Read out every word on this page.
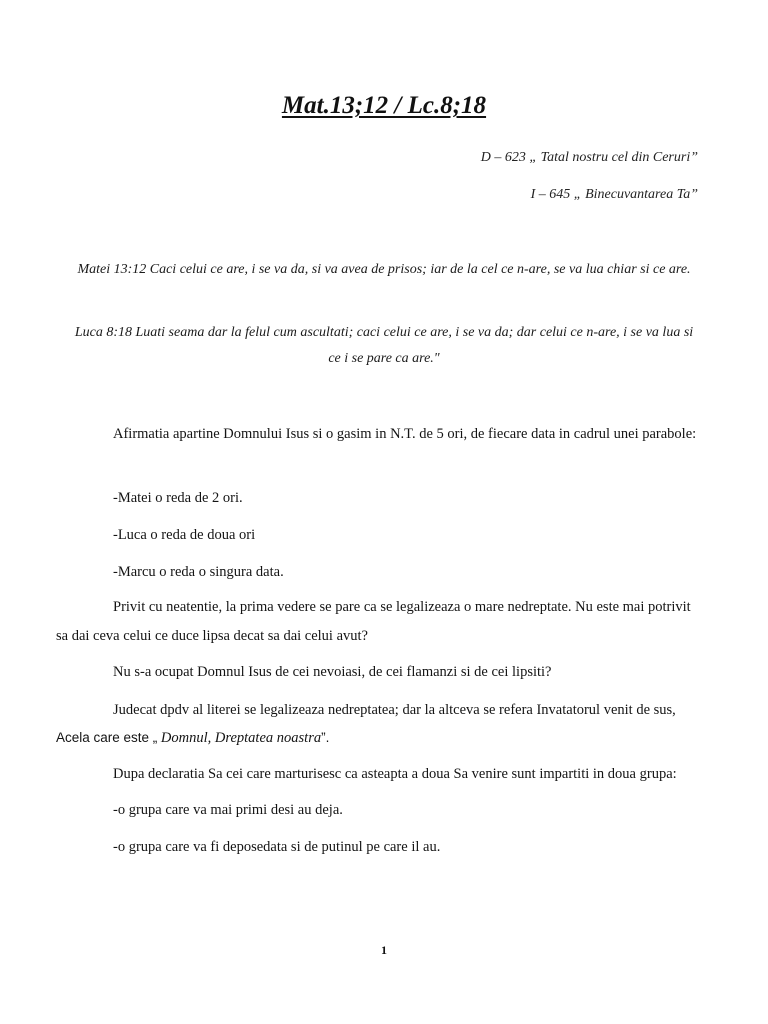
Mat.13;12 / Lc.8;18
D – 623 „ Tatal nostru cel din Ceruri”
I – 645 „ Binecuvantarea Ta”
Matei 13:12 Caci celui ce are, i se va da, si va avea de prisos; iar de la cel ce n-are, se va lua chiar si ce are.
Luca 8:18 Luati seama dar la felul cum ascultati; caci celui ce are, i se va da; dar celui ce n-are, i se va lua si ce i se pare ca are."
Afirmatia apartine Domnului Isus si o gasim in N.T. de 5 ori, de fiecare data in cadrul unei parabole:
-Matei o reda de 2 ori.
-Luca o reda de doua ori
-Marcu o reda o singura data.
Privit cu neatentie, la prima vedere se pare ca se legalizeaza o mare nedreptate. Nu este mai potrivit sa dai ceva celui ce duce lipsa decat sa dai celui avut?
Nu s-a ocupat Domnul Isus de cei nevoiasi, de cei flamanzi si de cei lipsiti?
Judecat dpdv al literei se legalizeaza nedreptatea; dar la altceva se refera Invatatorul venit de sus,
Acela care este „ Domnul, Dreptatea noastra”.
Dupa declaratia Sa cei care marturisesc ca asteapta a doua Sa venire sunt impartiti in doua grupa:
-o grupa care va mai primi desi au deja.
-o grupa care va fi deposedata si de putinul pe care il au.
1
